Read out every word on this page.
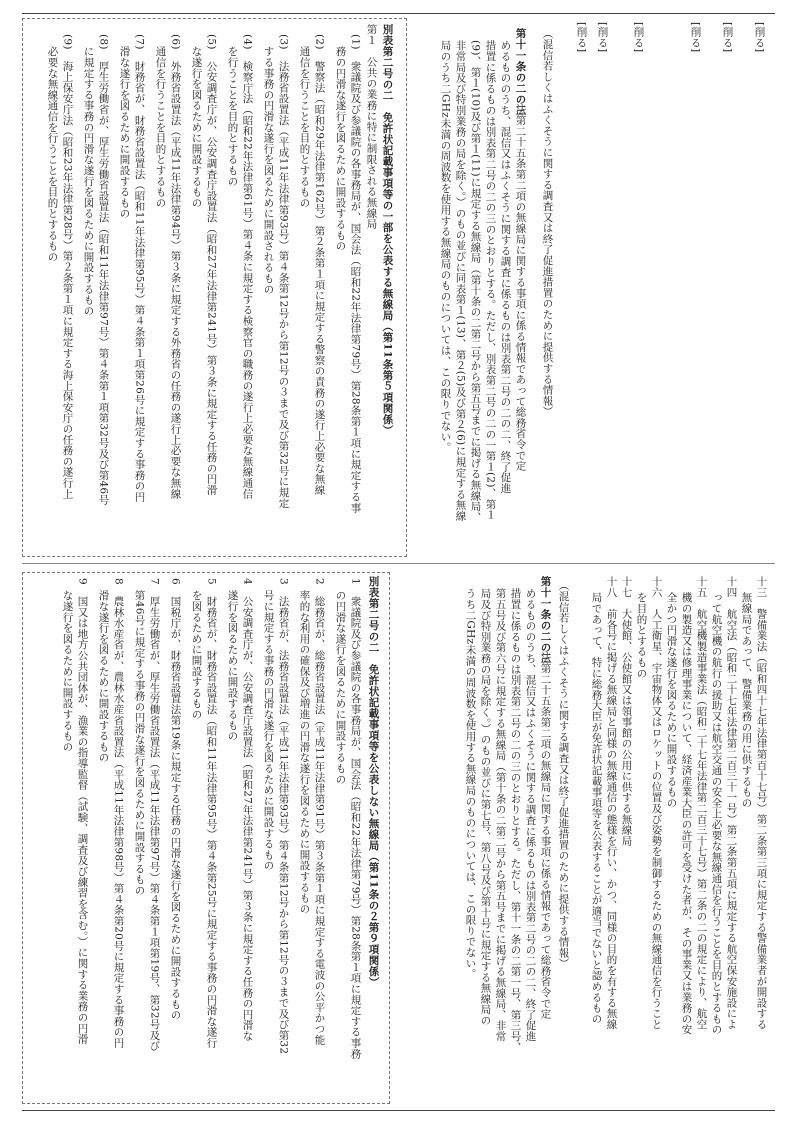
[削る]
[削る]
[削る]
[削る]
[削る]
[削る]
（混信若しくはふくそうに関する調査又は終了促進措置のために提供する情報）
第十一条の二の三
法第二十五条第二項の無線局に関する事項に係る情報であって総務省令で定
めるもののうち、混信又はふくそうに関する調査に係るものは別表第二号の二の二、終了促進
措置に係るものは別表第二号の二の三のとおりとする。ただし、別表第二号の二の一第１(2)、第１
(9)、第１(10)及び第１(11)に規定する無線局（第十条の二第二号から第五号までに掲げる無線局、
非常局及び特別業務の局を除く。）のもの並びに同表第１(13)、第２(5)及び第２(6)に規定する無線
局のうち二GHz未満の周波数を使用する無線局のものについては、この限りでない。
別表第二号の二　免許状記載事項等の一部を公表する無線局（第11条第５項関係）
第１　公共の業務に特に制限される無線局
(1)　衆議院及び参議院の各事務局が、国会法（昭和22年法律第79号）第28条第１項に規定する事
務の円滑な遂行を図るために開設するもの
(2)　警察法（昭和29年法律第162号）第２条第１項に規定する警察の責務の遂行上必要な無線
通信を行うことを目的とするもの
(3)　法務省設置法（平成11年法律第93号）第４条第12号から第12号の３まで及び第32号に規定
する事務の円滑な遂行を図るために開設されるもの
(4)　検察庁法（昭和22年法律第61号）第４条に規定する検察官の職務の遂行上必要な無線通信
を行うことを目的とするもの
(5)　公安調査庁が、公安調査庁設置法（昭和27年法律第241号）第３条に規定する任務の円滑
な遂行を図るために開設するもの
(6)　外務省設置法（平成11年法律第94号）第３条に規定する外務省の任務の遂行上必要な無線
通信を行うことを目的とするもの
(7)　財務省が、財務省設置法（昭和11年法律第95号）第４条第１項第26号に規定する事務の円
滑な遂行を図るために開設するもの
(8)　厚生労働省が、厚生労働省設置法（昭和11年法律第97号）第４条第１項第32号及び第46号
に規定する事務の円滑な遂行を図るために開設するもの
(9)　海上保安庁法（昭和23年法律第28号）第２条第１項に規定する海上保安庁の任務の遂行上
必要な無線通信を行うことを目的とするもの
十三　警備業法（昭和四十七年法律第百十七号）第二条第三項に規定する警備業者が開設する
無線局であって、警備業務の用に供するもの
十四　航空法（昭和二十七年法律第二百三十一号）第二条第五項に規定する航空保安施設によ
って航空機の航行の援助又は航空交通の安全上必要な無線通信を行うことを目的とするもの
十五　航空機製造事業法（昭和二十七年法律第二百三十七号）第二条の二の規定により、航空
機の製造又は修理事業について、経済産業大臣の許可を受けた者が、その事業又は業務の安
全かつ円滑な遂行を図るために開設するもの
十六　人工衛星、宇宙物体又はロケットの位置及び姿勢を制御するための無線通信を行うこと
を目的とするもの
十七　大使館、公使館又は領事館の公用に供する無線局
十八　前各号に掲げる無線局と同様の無線通信の態様を行い、かつ、同様の目的を有する無線
局であって、特に総務大臣が免許状記載事項等を公表することが適当でないと認めるもの
（混信若しくはふくそうに関する調査又は終了促進措置のために提供する情報）
第十一条の二の三
法第二十五条第二項の無線局に関する事項に係る情報であって総務省令で定
めるもののうち、混信又はふくそうに関する調査に係るものは別表第二号の二の二、終了促進
措置に係るものは別表第二号の二の三のとおりとする。ただし、第十一条の二第一号、第三号、
第五号及び第六号に規定する無線局（第十条の二第二号から第五号までに掲げる無線局、非常
局及び特別業務の局を除く。）のもの並びに第七号、第八号及び第十号に規定する無線局の
うち二GHz未満の周波数を使用する無線局のものについては、この限りでない。
別表第二号の二　免許状記載事項等を公表しない無線局（第11条の２第９項関係）
1　衆議院及び参議院の各事務局が、国会法（昭和22年法律第79号）第28条第１項に規定する事務
の円滑な遂行を図るために開設するもの
2　総務省が、総務省設置法（平成11年法律第91号）第３条第１項に規定する電波の公平かつ能
率的な利用の確保及び増進の円滑な遂行を図るために開設するもの
3　法務省が、法務省設置法（平成11年法律第93号）第４条第12号から第12号の３まで及び第32
号に規定する事務の円滑な遂行を図るために開設するもの
4　公安調査庁が、公安調査庁設置法（昭和27年法律第241号）第３条に規定する任務の円滑な
遂行を図るために開設するもの
5　財務省が、財務省設置法（昭和11年法律第95号）第４条第25号に規定する事務の円滑な遂行
を図るために開設するもの
6　国税庁が、財務省設置法第19条に規定する任務の円滑な遂行を図るために開設するもの
7　厚生労働省が、厚生労働省設置法（平成11年法律第97号）第４条第１項第19号、第32号及び
第46号に規定する事務の円滑な遂行を図るために開設するもの
8　農林水産省が、農林水産省設置法（平成11年法律第98号）第４条第20号に規定する事務の円
滑な遂行を図るために開設するもの
9　国又は地方公共団体が、漁業の指導監督（試験、調査及び練習を含む。）に関する業務の円滑
な遂行を図るために開設するもの
